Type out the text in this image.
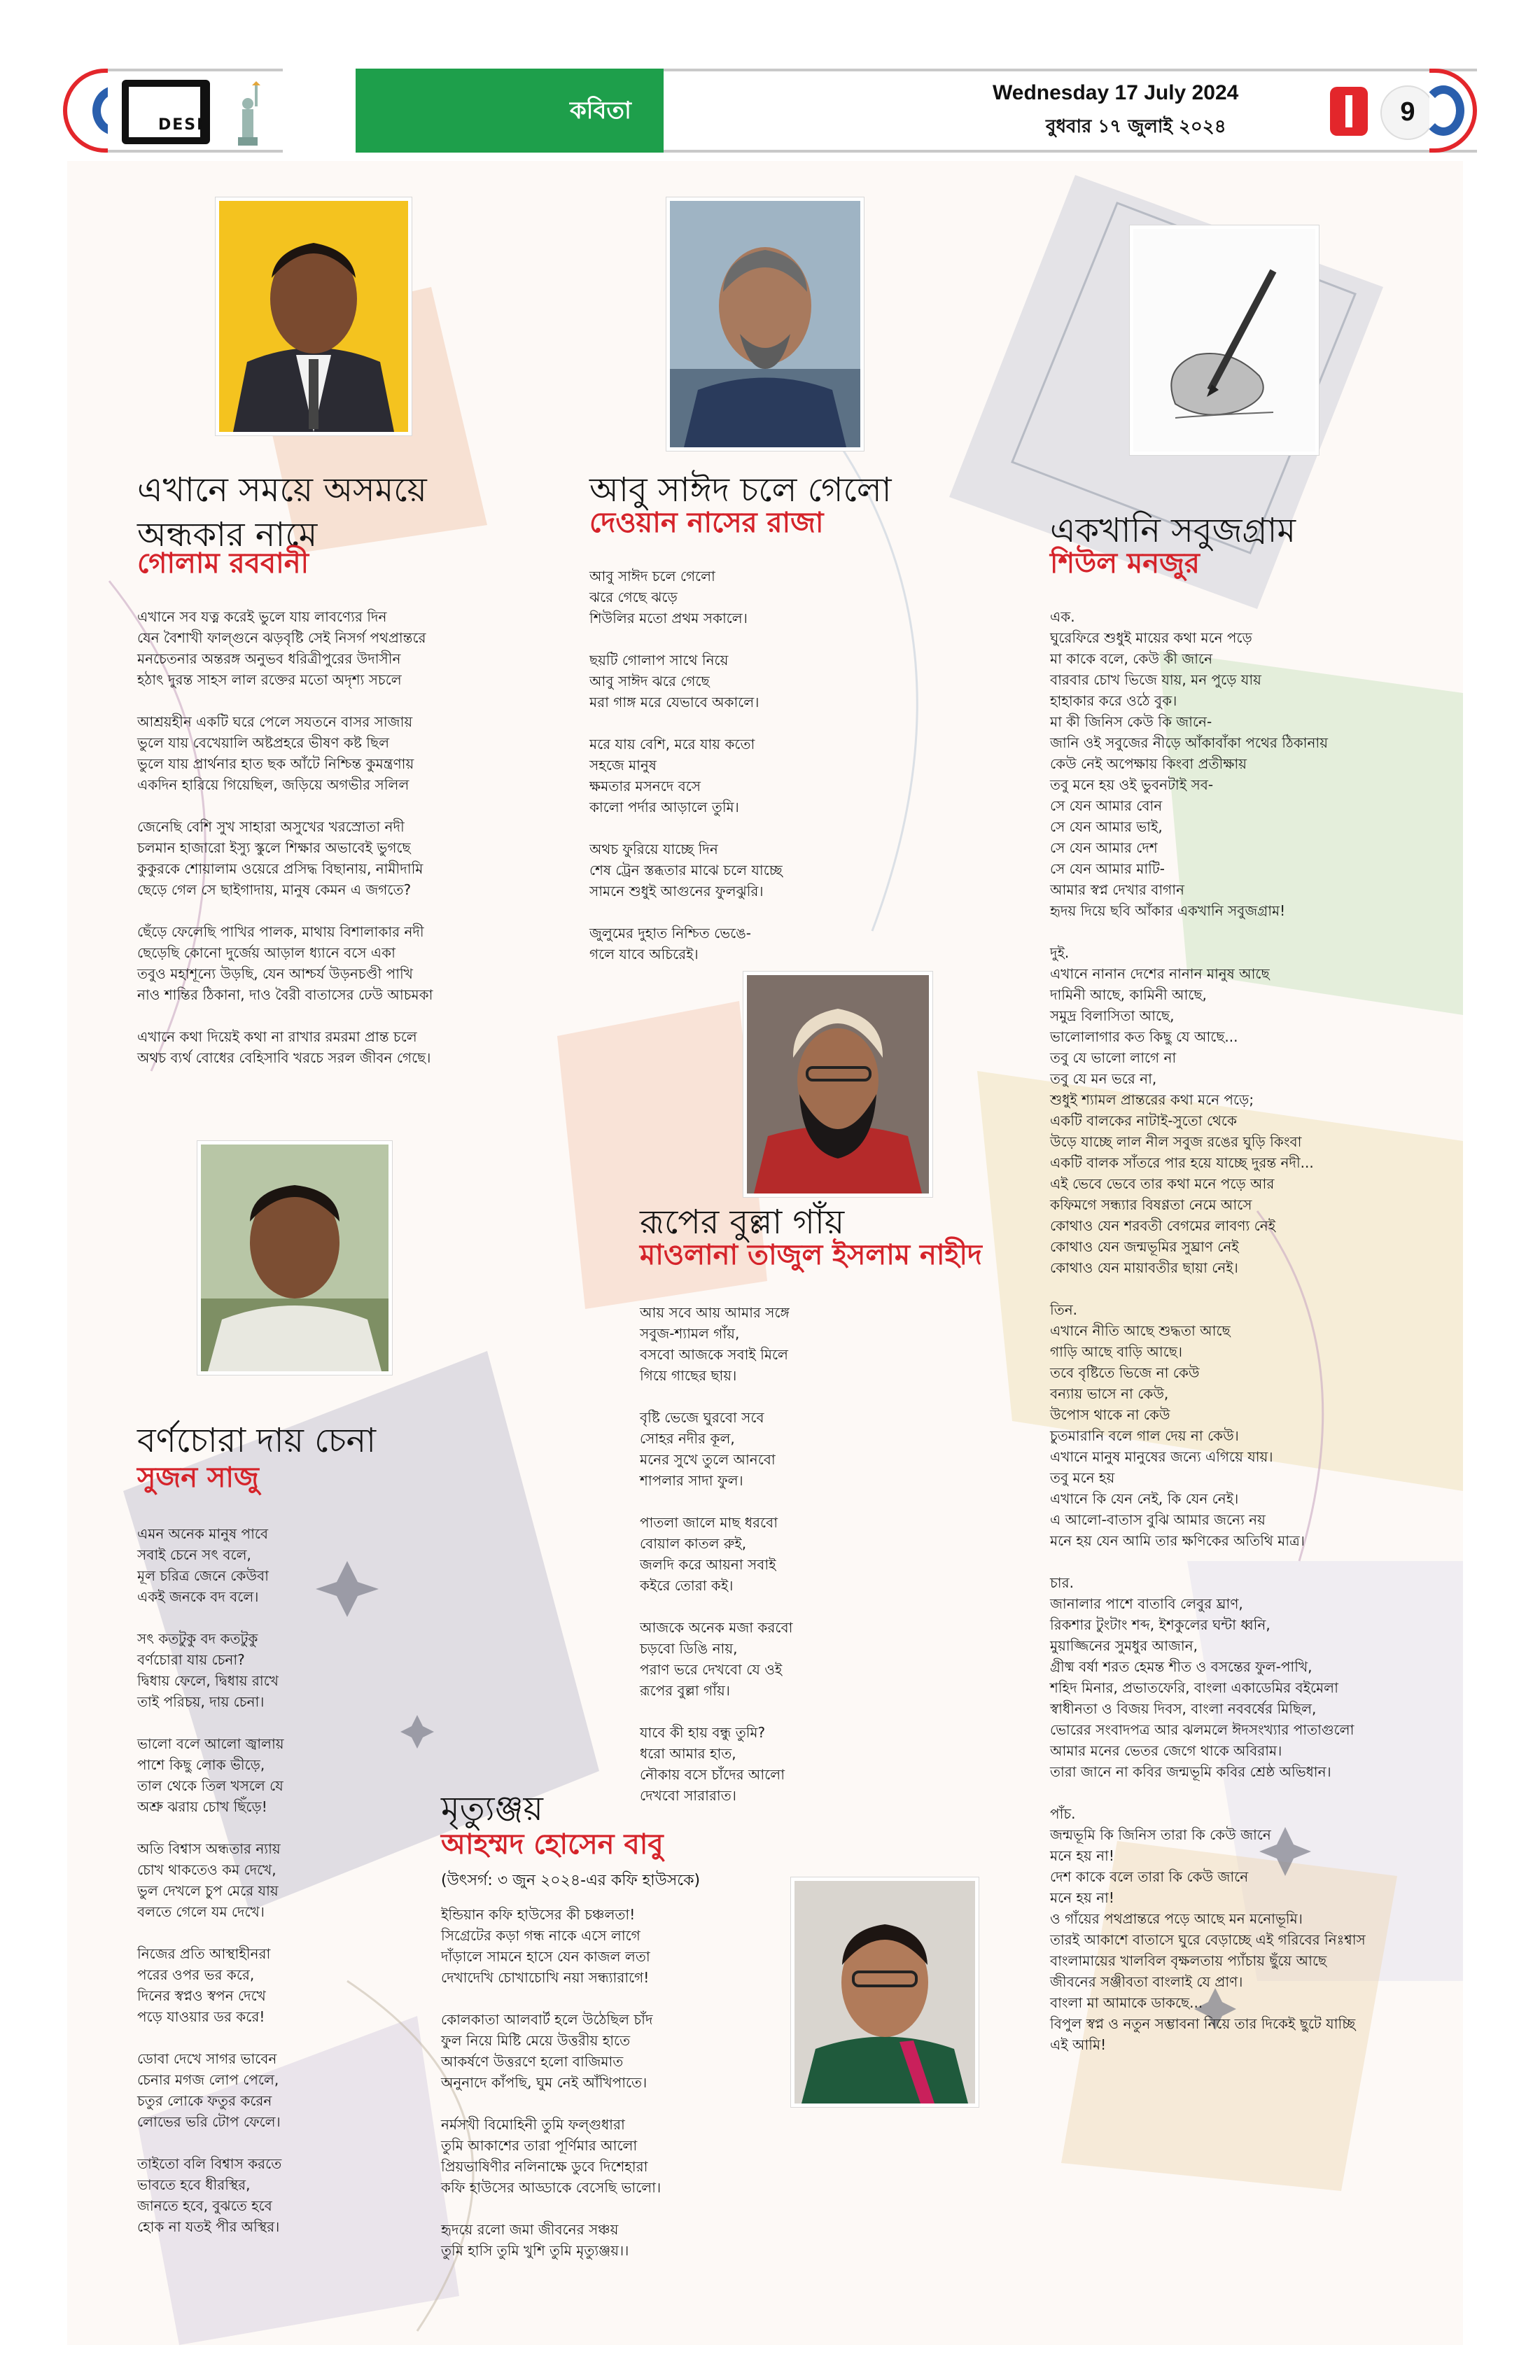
DESH
কবিতা
Wednesday 17 July 2024
বুধবার ১৭ জুলাই ২০২৪	9
এখানে সময়ে অসময়ে
অন্ধকার নামে
গোলাম রববানী
এখানে সব যত্ন করেই ভুলে যায় লাবণ্যের দিন
যেন বৈশাখী ফাল্গুনে ঝড়বৃষ্টি সেই নিসর্গ পথপ্রান্তরে
মনচেতনার অন্তরঙ্গ অনুভব ধরিত্রীপুরের উদাসীন
হঠাৎ দুরন্ত সাহস লাল রক্তের মতো অদৃশ্য সচলে
আশ্রয়হীন একটি ঘরে পেলে সযতনে বাসর সাজায়
ভুলে যায় বেখেয়ালি অষ্টপ্রহরে ভীষণ কষ্ট ছিল
ভুলে যায় প্রার্থনার হাত ছক আঁটে নিশ্চিন্ত কুমন্ত্রণায়
একদিন হারিয়ে গিয়েছিল, জড়িয়ে অগভীর সলিল
জেনেছি বেশি সুখ সাহারা অসুখের খরস্রোতা নদী
চলমান হাজারো ইস্যু স্কুলে শিক্ষার অভাবেই ভুগছে
কুকুরকে শোয়ালাম ওয়েরে প্রসিদ্ধ বিছানায়, নামীদামি
ছেড়ে গেল সে ছাইগাদায়, মানুষ কেমন এ জগতে?
ছেঁড়ে ফেলেছি পাখির পালক, মাথায় বিশালাকার নদী
ছেড়েছি কোনো দুর্জেয় আড়াল ধ্যানে বসে একা
তবুও মহাশূন্যে উড়ছি, যেন আশ্চর্য উড়নচণ্ডী পাখি
নাও শান্তির ঠিকানা, দাও বৈরী বাতাসের ঢেউ আচমকা
এখানে কথা দিয়েই কথা না রাখার রমরমা প্রান্ত চলে
অথচ ব্যর্থ বোধের বেহিসাবি খরচে সরল জীবন গেছে।
আবু সাঈদ চলে গেলো
দেওয়ান নাসের রাজা
আবু সাঈদ চলে গেলো
ঝরে গেছে ঝড়ে
শিউলির মতো প্রথম সকালে।
ছয়টি গোলাপ সাথে নিয়ে
আবু সাঈদ ঝরে গেছে
মরা গাঙ্গ মরে যেভাবে অকালে।
মরে যায় বেশি, মরে যায় কতো
সহজে মানুষ
ক্ষমতার মসনদে বসে
কালো পর্দার আড়ালে তুমি।
অথচ ফুরিয়ে যাচ্ছে দিন
শেষ ট্রেন স্তব্ধতার মাঝে চলে যাচ্ছে
সামনে শুধুই আগুনের ফুলঝুরি।
জুলুমের দুহাত নিশ্চিত ভেঙে-
গলে যাবে অচিরেই।
একখানি সবুজগ্রাম
শিউল মনজুর
এক.
ঘুরেফিরে শুধুই মায়ের কথা মনে পড়ে
মা কাকে বলে, কেউ কী জানে
বারবার চোখ ভিজে যায়, মন পুড়ে যায়
হাহাকার করে ওঠে বুক।
মা কী জিনিস কেউ কি জানে-
জানি ওই সবুজের নীড়ে আঁকাবাঁকা পথের ঠিকানায়
কেউ নেই অপেক্ষায় কিংবা প্রতীক্ষায়
তবু মনে হয় ওই ভুবনটাই সব-
সে যেন আমার বোন
সে যেন আমার ভাই,
সে যেন আমার দেশ
সে যেন আমার মাটি-
আমার স্বপ্ন দেখার বাগান
হৃদয় দিয়ে ছবি আঁকার একখানি সবুজগ্রাম!
দুই.
এখানে নানান দেশের নানান মানুষ আছে
দামিনী আছে, কামিনী আছে,
সমুদ্র বিলাসিতা আছে,
ভালোলাগার কত কিছু যে আছে...
তবু যে ভালো লাগে না
তবু যে মন ভরে না,
শুধুই শ্যামল প্রান্তরের কথা মনে পড়ে;
একটি বালকের নাটাই-সুতো থেকে
উড়ে যাচ্ছে লাল নীল সবুজ রঙের ঘুড়ি কিংবা
একটি বালক সাঁতরে পার হয়ে যাচ্ছে দুরন্ত নদী...
এই ভেবে ভেবে তার কথা মনে পড়ে আর
কফিমগে সন্ধ্যার বিষণ্ণতা নেমে আসে
কোথাও যেন শরবতী বেগমের লাবণ্য নেই
কোথাও যেন জন্মভূমির সুঘ্রাণ নেই
কোথাও যেন মায়াবতীর ছায়া নেই।
তিন.
এখানে নীতি আছে শুদ্ধতা আছে
গাড়ি আছে বাড়ি আছে।
তবে বৃষ্টিতে ভিজে না কেউ
বন্যায় ভাসে না কেউ,
উপোস থাকে না কেউ
চুতমারানি বলে গাল দেয় না কেউ।
এখানে মানুষ মানুষের জন্যে এগিয়ে যায়।
তবু মনে হয়
এখানে কি যেন নেই, কি যেন নেই।
এ আলো-বাতাস বুঝি আমার জন্যে নয়
মনে হয় যেন আমি তার ক্ষণিকের অতিথি মাত্র।
চার.
জানালার পাশে বাতাবি লেবুর ঘ্রাণ,
রিকশার টুংটাং শব্দ, ইশকুলের ঘন্টা ধ্বনি,
মুয়াজ্জিনের সুমধুর আজান,
গ্রীষ্ম বর্ষা শরত হেমন্ত শীত ও বসন্তের ফুল-পাখি,
শহিদ মিনার, প্রভাতফেরি, বাংলা একাডেমির বইমেলা
স্বাধীনতা ও বিজয় দিবস, বাংলা নববর্ষের মিছিল,
ভোরের সংবাদপত্র আর ঝলমলে ঈদসংখ্যার পাতাগুলো
আমার মনের ভেতর জেগে থাকে অবিরাম।
তারা জানে না কবির জন্মভূমি কবির শ্রেষ্ঠ অভিধান।
পাঁচ.
জন্মভূমি কি জিনিস তারা কি কেউ জানে
মনে হয় না!
দেশ কাকে বলে তারা কি কেউ জানে
মনে হয় না!
ও গাঁয়ের পথপ্রান্তরে পড়ে আছে মন মনোভূমি।
তারই আকাশে বাতাসে ঘুরে বেড়াচ্ছে এই গরিবের নিঃশ্বাস
বাংলামায়ের খালবিল বৃক্ষলতায় প্যাঁচায় ছুঁয়ে আছে
জীবনের সঞ্জীবতা বাংলাই যে প্রাণ।
বাংলা মা আমাকে ডাকছে...
বিপুল স্বপ্ন ও নতুন সম্ভাবনা নিয়ে তার দিকেই ছুটে যাচ্ছি
এই আমি!
রূপের বুল্লা গাঁয়
মাওলানা তাজুল ইসলাম নাহীদ
আয় সবে আয় আমার সঙ্গে
সবুজ-শ্যামল গাঁয়,
বসবো আজকে সবাই মিলে
গিয়ে গাছের ছায়।
বৃষ্টি ভেজে ঘুরবো সবে
সোহর নদীর কূল,
মনের সুখে তুলে আনবো
শাপলার সাদা ফুল।
পাতলা জালে মাছ ধরবো
বোয়াল কাতল রুই,
জলদি করে আয়না সবাই
কইরে তোরা কই।
আজকে অনেক মজা করবো
চড়বো ডিঙি নায়,
পরাণ ভরে দেখবো যে ওই
রূপের বুল্লা গাঁয়।
যাবে কী হায় বন্ধু তুমি?
ধরো আমার হাত,
নৌকায় বসে চাঁদের আলো
দেখবো সারারাত।
বর্ণচোরা দায় চেনা
সুজন সাজু
এমন অনেক মানুষ পাবে
সবাই চেনে সৎ বলে,
মূল চরিত্র জেনে কেউবা
একই জনকে বদ বলে।
সৎ কতটুকু বদ কতটুকু
বর্ণচোরা যায় চেনা?
দ্বিধায় ফেলে, দ্বিধায় রাখে
তাই পরিচয়, দায় চেনা।
ভালো বলে আলো জ্বালায়
পাশে কিছু লোক ভীড়ে,
তাল থেকে তিল খসলে যে
অশ্রু ঝরায় চোখ ছিঁড়ে!
অতি বিশ্বাস অন্ধতার ন্যায়
চোখ থাকতেও কম দেখে,
ভুল দেখলে চুপ মেরে যায়
বলতে গেলে যম দেখে।
নিজের প্রতি আস্থাহীনরা
পরের ওপর ভর করে,
দিনের স্বপ্নও স্বপন দেখে
পড়ে যাওয়ার ডর করে!
ডোবা দেখে সাগর ভাবেন
চেনার মগজ লোপ পেলে,
চতুর লোকে ফতুর করেন
লোভের ভরি টোপ ফেলে।
তাইতো বলি বিশ্বাস করতে
ভাবতে হবে ধীরস্থির,
জানতে হবে, বুঝতে হবে
হোক না যতই পীর অস্থির।
মৃত্যুঞ্জয়
আহম্মদ হোসেন বাবু
(উৎসর্গ: ৩ জুন ২০২৪-এর কফি হাউসকে)
ইন্ডিয়ান কফি হাউসের কী চঞ্চলতা!
সিগ্রেটের কড়া গন্ধ নাকে এসে লাগে
দাঁড়ালে সামনে হাসে যেন কাজল লতা
দেখাদেখি চোখাচোখি নয়া সন্ধ্যারাগে!
কোলকাতা আলবার্ট হলে উঠেছিল চাঁদ
ফুল নিয়ে মিষ্টি মেয়ে উত্তরীয় হাতে
আকর্ষণে উত্তরণে হলো বাজিমাত
অনুনাদে কাঁপছি, ঘুম নেই আঁখিপাতে।
নর্মসখী বিমোহিনী তুমি ফল্গুধারা
তুমি আকাশের তারা পূর্ণিমার আলো
প্রিয়ভাষিণীর নলিনাক্ষে ডুবে দিশেহারা
কফি হাউসের আড্ডাকে বেসেছি ভালো।
হৃদয়ে রলো জমা জীবনের সঞ্চয়
তুমি হাসি তুমি খুশি তুমি মৃত্যুঞ্জয়।।
